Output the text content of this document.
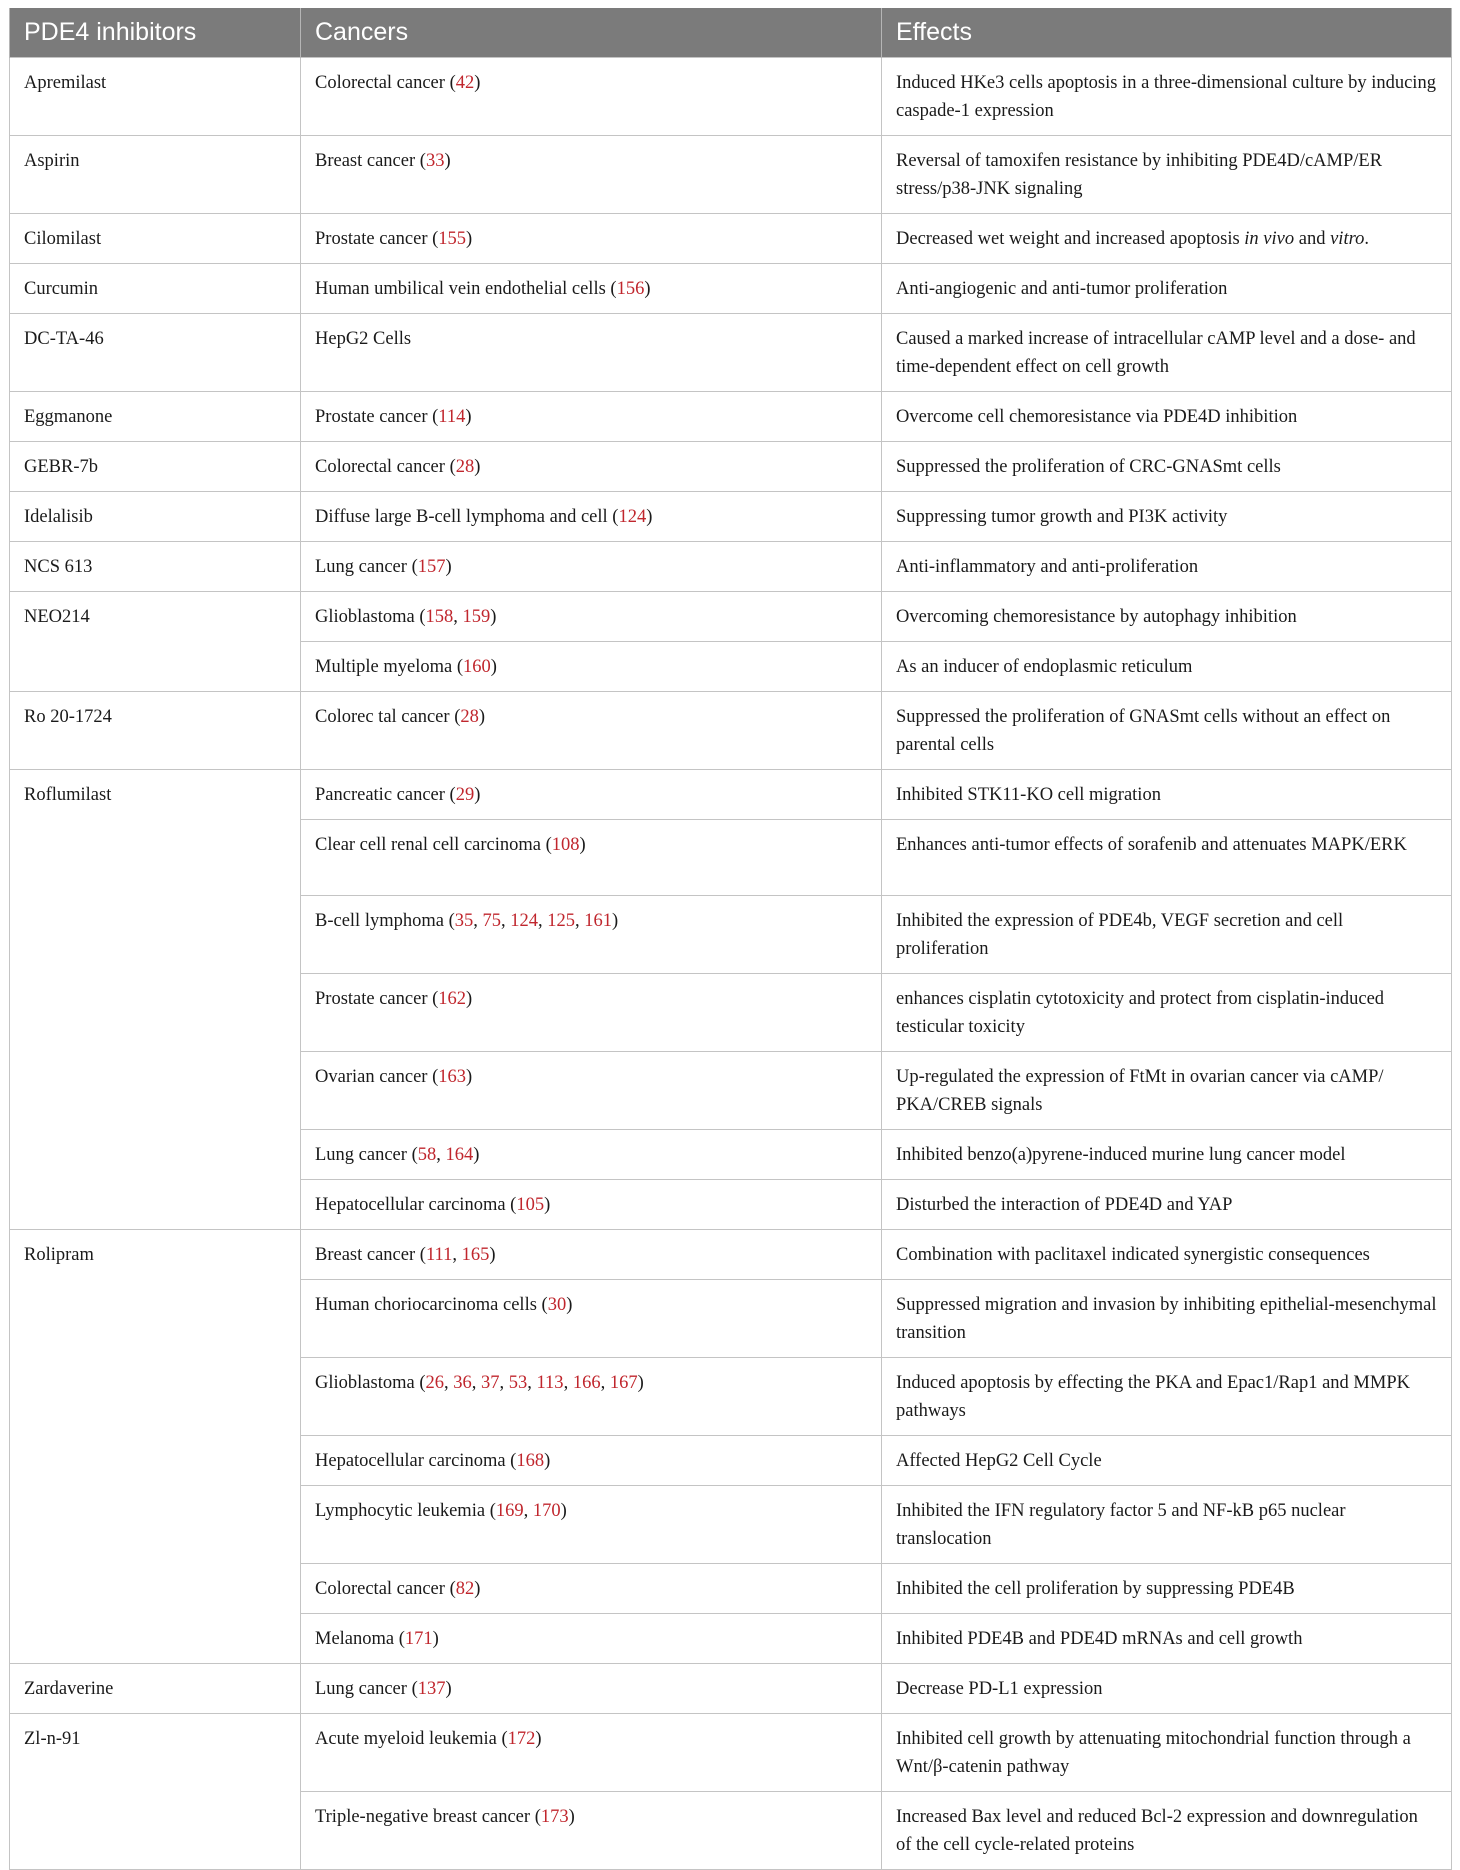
PDE4 inhibitors	Cancers	Effects
Apremilast	Colorectal cancer (42)	Induced HKe3 cells apoptosis in a three-dimensional culture by inducing caspade-1 expression
Aspirin	Breast cancer (33)	Reversal of tamoxifen resistance by inhibiting PDE4D/cAMP/ER stress/p38-JNK signaling
Cilomilast	Prostate cancer (155)	Decreased wet weight and increased apoptosis in vivo and vitro.
Curcumin	Human umbilical vein endothelial cells (156)	Anti-angiogenic and anti-tumor proliferation
DC-TA-46	HepG2 Cells	Caused a marked increase of intracellular cAMP level and a dose- and time-dependent effect on cell growth
Eggmanone	Prostate cancer (114)	Overcome cell chemoresistance via PDE4D inhibition
GEBR-7b	Colorectal cancer (28)	Suppressed the proliferation of CRC-GNASmt cells
Idelalisib	Diffuse large B-cell lymphoma and cell (124)	Suppressing tumor growth and PI3K activity
NCS 613	Lung cancer (157)	Anti-inflammatory and anti-proliferation
NEO214	Glioblastoma (158, 159)	Overcoming chemoresistance by autophagy inhibition
	Multiple myeloma (160)	As an inducer of endoplasmic reticulum
Ro 20-1724	Colorec tal cancer (28)	Suppressed the proliferation of GNASmt cells without an effect on parental cells
Roflumilast	Pancreatic cancer (29)	Inhibited STK11-KO cell migration
	Clear cell renal cell carcinoma (108)	Enhances anti-tumor effects of sorafenib and attenuates MAPK/ERK
	B-cell lymphoma (35, 75, 124, 125, 161)	Inhibited the expression of PDE4b, VEGF secretion and cell proliferation
	Prostate cancer (162)	enhances cisplatin cytotoxicity and protect from cisplatin-induced testicular toxicity
	Ovarian cancer (163)	Up-regulated the expression of FtMt in ovarian cancer via cAMP/ PKA/CREB signals
	Lung cancer (58, 164)	Inhibited benzo(a)pyrene-induced murine lung cancer model
	Hepatocellular carcinoma (105)	Disturbed the interaction of PDE4D and YAP
Rolipram	Breast cancer (111, 165)	Combination with paclitaxel indicated synergistic consequences
	Human choriocarcinoma cells (30)	Suppressed migration and invasion by inhibiting epithelial-mesenchymal transition
	Glioblastoma (26, 36, 37, 53, 113, 166, 167)	Induced apoptosis by effecting the PKA and Epac1/Rap1 and MMPK pathways
	Hepatocellular carcinoma (168)	Affected HepG2 Cell Cycle
	Lymphocytic leukemia (169, 170)	Inhibited the IFN regulatory factor 5 and NF-kB p65 nuclear translocation
	Colorectal cancer (82)	Inhibited the cell proliferation by suppressing PDE4B
	Melanoma (171)	Inhibited PDE4B and PDE4D mRNAs and cell growth
Zardaverine	Lung cancer (137)	Decrease PD-L1 expression
Zl-n-91	Acute myeloid leukemia (172)	Inhibited cell growth by attenuating mitochondrial function through a Wnt/β-catenin pathway
	Triple-negative breast cancer (173)	Increased Bax level and reduced Bcl-2 expression and downregulation of the cell cycle-related proteins
